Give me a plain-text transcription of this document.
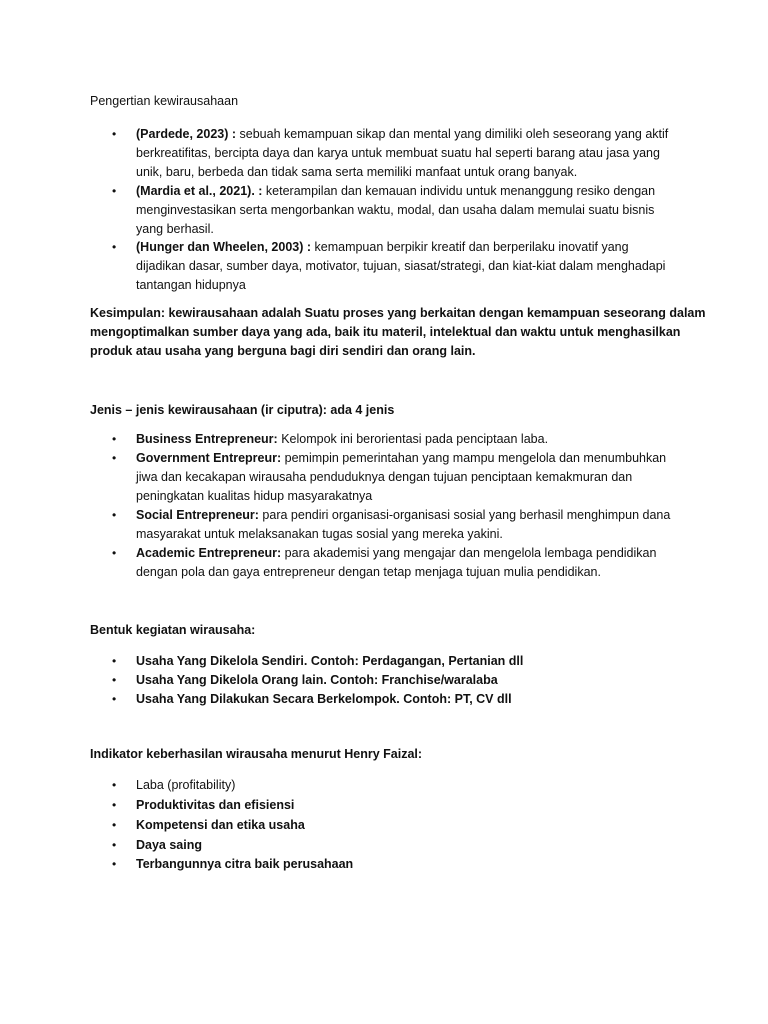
Pengertian kewirausahaan

• (Pardede, 2023) : sebuah kemampuan sikap dan mental yang dimiliki oleh seseorang yang aktif berkreatifitas, bercipta daya dan karya untuk membuat suatu hal seperti barang atau jasa yang unik, baru, berbeda dan tidak sama serta memiliki manfaat untuk orang banyak.
• (Mardia et al., 2021). : keterampilan dan kemauan individu untuk menanggung resiko dengan menginvestasikan serta mengorbankan waktu, modal, dan usaha dalam memulai suatu bisnis yang berhasil.
• (Hunger dan Wheelen, 2003) : kemampuan berpikir kreatif dan berperilaku inovatif yang dijadikan dasar, sumber daya, motivator, tujuan, siasat/strategi, dan kiat-kiat dalam menghadapi tantangan hidupnya

Kesimpulan: kewirausahaan adalah Suatu proses yang berkaitan dengan kemampuan seseorang dalam

mengoptimalkan sumber daya yang ada, baik itu materil, intelektual dan waktu untuk menghasilkan

produk atau usaha yang berguna bagi diri sendiri dan orang lain.

Jenis – jenis kewirausahaan (ir ciputra): ada 4 jenis

• Business Entrepreneur: Kelompok ini berorientasi pada penciptaan laba.
• Government Entrepreur: pemimpin pemerintahan yang mampu mengelola dan menumbuhkan jiwa dan kecakapan wirausaha penduduknya dengan tujuan penciptaan kemakmuran dan peningkatan kualitas hidup masyarakatnya
• Social Entrepreneur: para pendiri organisasi-organisasi sosial yang berhasil menghimpun dana masyarakat untuk melaksanakan tugas sosial yang mereka yakini.
• Academic Entrepreneur: para akademisi yang mengajar dan mengelola lembaga pendidikan dengan pola dan gaya entrepreneur dengan tetap menjaga tujuan mulia pendidikan.

Bentuk kegiatan wirausaha:

• Usaha Yang Dikelola Sendiri. Contoh: Perdagangan, Pertanian dll
• Usaha Yang Dikelola Orang lain. Contoh: Franchise/waralaba
• Usaha Yang Dilakukan Secara Berkelompok. Contoh: PT, CV dll

Indikator keberhasilan wirausaha menurut Henry Faizal:

• Laba (profitability)
• Produktivitas dan efisiensi
• Kompetensi dan etika usaha
• Daya saing
• Terbangunnya citra baik perusahaan
